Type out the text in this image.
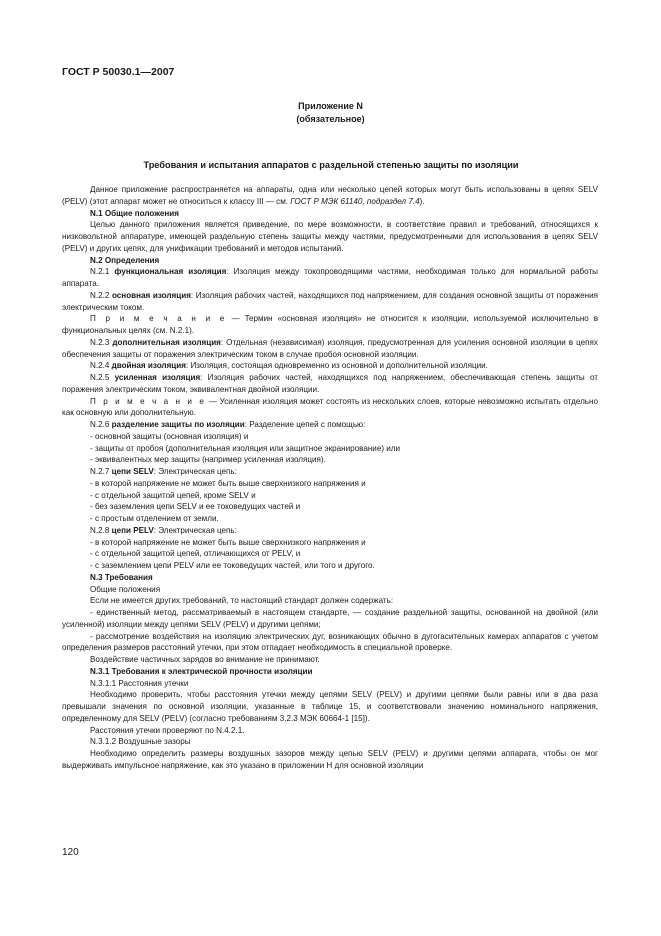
ГОСТ Р 50030.1—2007
Приложение N
(обязательное)
Требования и испытания аппаратов с раздельной степенью защиты по изоляции

Данное приложение распространяется на аппараты, одна или несколько цепей которых могут быть использованы в цепях SELV (PELV) (этот аппарат может не относиться к классу III — см. ГОСТ Р МЭК 61140, подраздел 7.4).

N.1 Общие положения

Целью данного приложения является приведение, по мере возможности, в соответствие правил и требований, относящихся к низковольтной аппаратуре, имеющей раздельную степень защиты между частями, предусмотренными для использования в цепях SELV (PELV) и других цепях, для унификации требований и методов испытаний.

N.2 Определения

N.2.1 функциональная изоляция: Изоляция между токопроводящими частями, необходимая только для нормальной работы аппарата.

N.2.2 основная изоляция: Изоляция рабочих частей, находящихся под напряжением, для создания основной защиты от поражения электрическим током.

П р и м е ч а н и е — Термин «основная изоляция» не относится к изоляции, используемой исключительно в функциональных целях (см. N.2.1).

N.2.3 дополнительная изоляция: Отдельная (независимая) изоляция, предусмотренная для усиления основной изоляции в цепях обеспечения защиты от поражения электрическим током в случае пробоя основной изоляции.

N.2.4 двойная изоляция: Изоляция, состоящая одновременно из основной и дополнительной изоляции.

N.2.5 усиленная изоляция: Изоляция рабочих частей, находящихся под напряжением, обеспечивающая степень защиты от поражения электрическим током, эквивалентная двойной изоляции.

П р и м е ч а н и е — Усиленная изоляция может состоять из нескольких слоев, которые невозможно испытать отдельно как основную или дополнительную.

N.2.6 разделение защиты по изоляции: Разделение цепей с помощью:

- основной защиты (основная изоляция) и

- защиты от пробоя (дополнительная изоляция или защитное экранирование) или

- эквивалентных мер защиты (например усиленная изоляция).

N.2.7 цепи SELV: Электрическая цепь:

- в которой напряжение не может быть выше сверхнизкого напряжения и

- с отдельной защитой цепей, кроме SELV и

- без заземления цепи SELV и ее токоведущих частей и

- с простым отделением от земли.

N.2.8 цепи PELV: Электрическая цепь:

- в которой напряжение не может быть выше сверхнизкого напряжения и

- с отдельной защитой цепей, отличающихся от PELV, и

- с заземлением цепи PELV или ее токоведущих частей, или того и другого.

N.3 Требования

Общие положения

Если не имеется других требований, то настоящий стандарт должен содержать:

- единственный метод, рассматриваемый в настоящем стандарте, — создание раздельной защиты, основанной на двойной (или усиленной) изоляции между цепями SELV (PELV) и другими цепями;

- рассмотрение воздействия на изоляцию электрических дуг, возникающих обычно в дугогасительных камерах аппаратов с учетом определения размеров расстояний утечки, при этом отпадает необходимость в специальной проверке.

Воздействие частичных зарядов во внимание не принимают.

N.3.1 Требования к электрической прочности изоляции

N.3.1.1 Расстояния утечки

Необходимо проверить, чтобы расстояния утечки между цепями SELV (PELV) и другими цепями были равны или в два раза превышали значения по основной изоляции, указанные в таблице 15, и соответствовали значению номинального напряжения, определенному для SELV (PELV) (согласно требованиям 3.2.3 МЭК 60664-1 [15]).

Расстояния утечки проверяют по N.4.2.1.

N.3.1.2 Воздушные зазоры

Необходимо определить размеры воздушных зазоров между цепью SELV (PELV) и другими цепями аппарата, чтобы он мог выдерживать импульсное напряжение, как это указано в приложении Н для основной изоляции

120
